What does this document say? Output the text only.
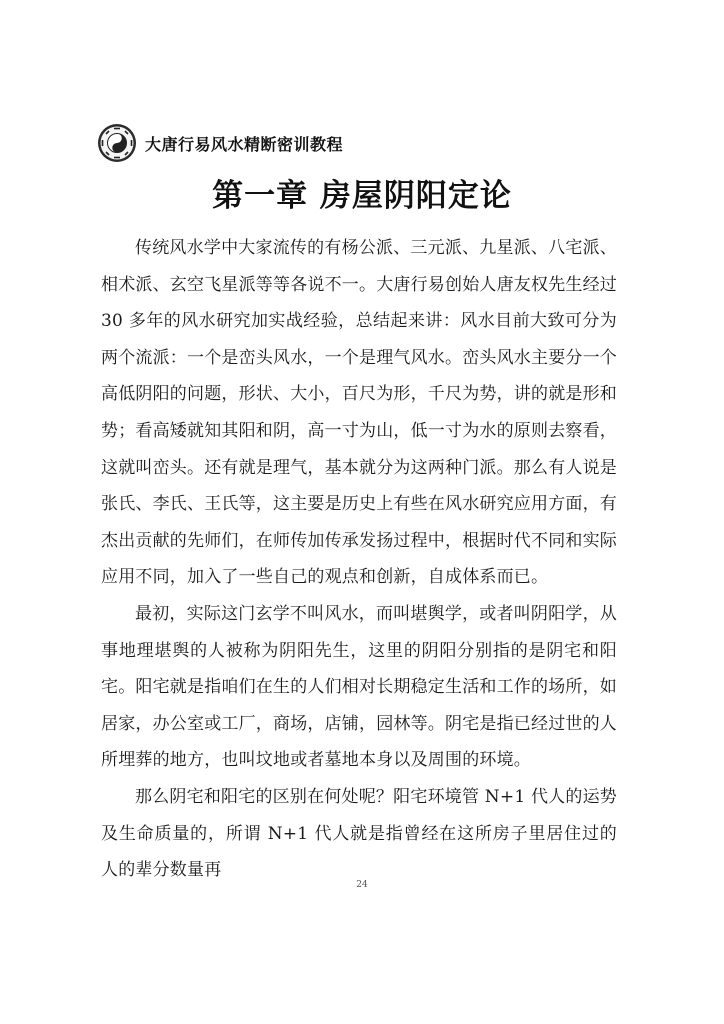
大唐行易风水精断密训教程
第一章 房屋阴阳定论

传统风水学中大家流传的有杨公派、三元派、九星派、八宅派、相术派、玄空飞星派等等各说不一。大唐行易创始人唐友权先生经过 30 多年的风水研究加实战经验，总结起来讲：风水目前大致可分为两个流派：一个是峦头风水，一个是理气风水。峦头风水主要分一个高低阴阳的问题，形状、大小，百尺为形，千尺为势，讲的就是形和势；看高矮就知其阳和阴，高一寸为山，低一寸为水的原则去察看，这就叫峦头。还有就是理气，基本就分为这两种门派。那么有人说是张氏、李氏、王氏等，这主要是历史上有些在风水研究应用方面，有杰出贡献的先师们，在师传加传承发扬过程中，根据时代不同和实际应用不同，加入了一些自己的观点和创新，自成体系而已。

最初，实际这门玄学不叫风水，而叫堪舆学，或者叫阴阳学，从事地理堪舆的人被称为阴阳先生，这里的阴阳分别指的是阴宅和阳宅。阳宅就是指咱们在生的人们相对长期稳定生活和工作的场所，如居家，办公室或工厂，商场，店铺，园林等。阴宅是指已经过世的人所埋葬的地方，也叫坟地或者墓地本身以及周围的环境。

那么阴宅和阳宅的区别在何处呢？阳宅环境管 N+1 代人的运势及生命质量的，所谓 N+1 代人就是指曾经在这所房子里居住过的人的辈分数量再

24
